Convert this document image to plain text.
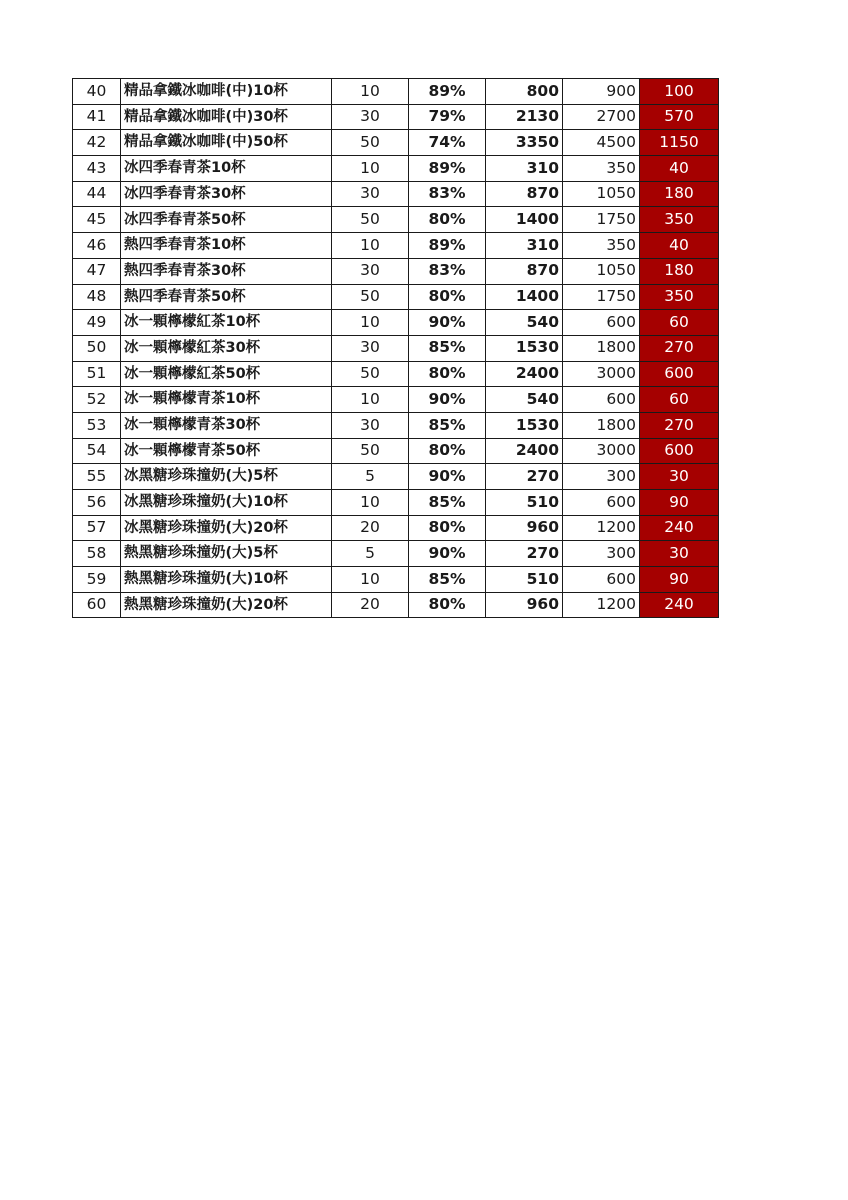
40	精品拿鐵冰咖啡(中)10杯	10	89%	800	900	100
41	精品拿鐵冰咖啡(中)30杯	30	79%	2130	2700	570
42	精品拿鐵冰咖啡(中)50杯	50	74%	3350	4500	1150
43	冰四季春青茶10杯	10	89%	310	350	40
44	冰四季春青茶30杯	30	83%	870	1050	180
45	冰四季春青茶50杯	50	80%	1400	1750	350
46	熱四季春青茶10杯	10	89%	310	350	40
47	熱四季春青茶30杯	30	83%	870	1050	180
48	熱四季春青茶50杯	50	80%	1400	1750	350
49	冰一顆檸檬紅茶10杯	10	90%	540	600	60
50	冰一顆檸檬紅茶30杯	30	85%	1530	1800	270
51	冰一顆檸檬紅茶50杯	50	80%	2400	3000	600
52	冰一顆檸檬青茶10杯	10	90%	540	600	60
53	冰一顆檸檬青茶30杯	30	85%	1530	1800	270
54	冰一顆檸檬青茶50杯	50	80%	2400	3000	600
55	冰黑糖珍珠撞奶(大)5杯	5	90%	270	300	30
56	冰黑糖珍珠撞奶(大)10杯	10	85%	510	600	90
57	冰黑糖珍珠撞奶(大)20杯	20	80%	960	1200	240
58	熱黑糖珍珠撞奶(大)5杯	5	90%	270	300	30
59	熱黑糖珍珠撞奶(大)10杯	10	85%	510	600	90
60	熱黑糖珍珠撞奶(大)20杯	20	80%	960	1200	240
